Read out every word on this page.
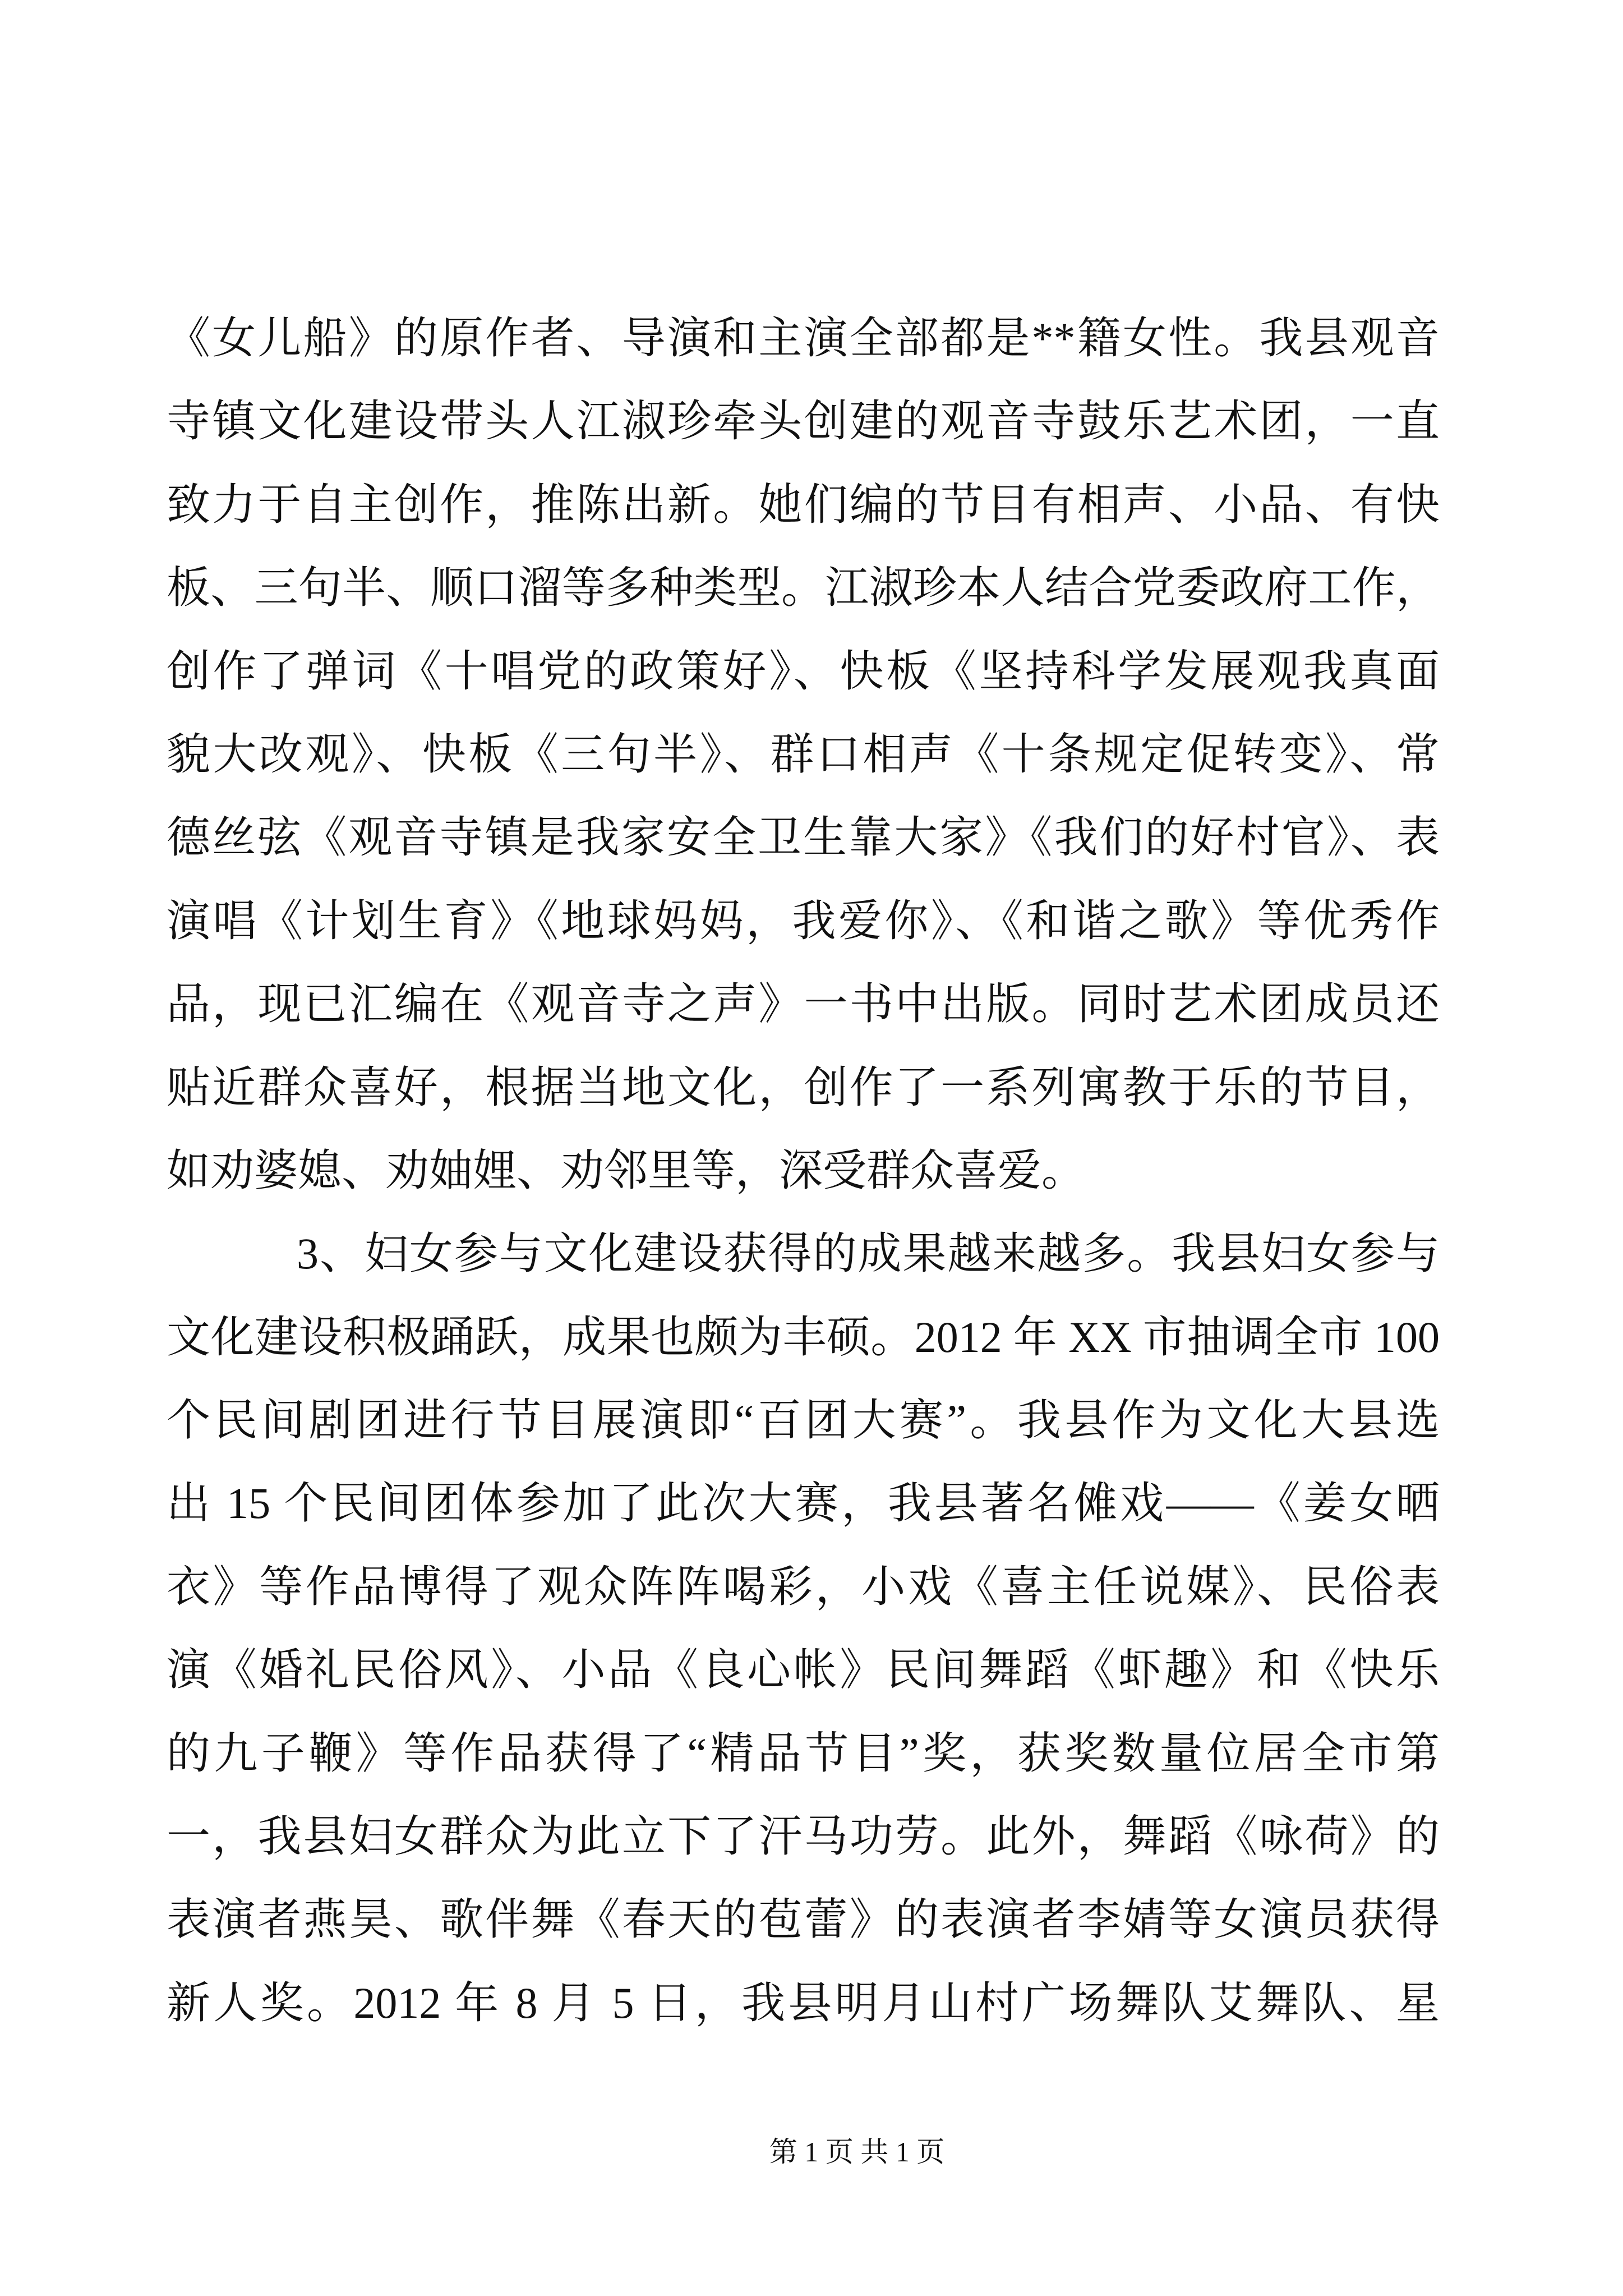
《女儿船》的原作者、导演和主演全部都是**籍女性。我县观音
寺镇文化建设带头人江淑珍牵头创建的观音寺鼓乐艺术团，一直
致力于自主创作，推陈出新。她们编的节目有相声、小品、有快
板、三句半、顺口溜等多种类型。江淑珍本人结合党委政府工作，
创作了弹词《十唱党的政策好》、快板《坚持科学发展观我真面
貌大改观》、快板《三句半》、群口相声《十条规定促转变》、常
德丝弦《观音寺镇是我家安全卫生靠大家》《我们的好村官》、表
演唱《计划生育》《地球妈妈，我爱你》、《和谐之歌》等优秀作
品，现已汇编在《观音寺之声》一书中出版。同时艺术团成员还
贴近群众喜好，根据当地文化，创作了一系列寓教于乐的节目，
如劝婆媳、劝妯娌、劝邻里等，深受群众喜爱。
3、妇女参与文化建设获得的成果越来越多。我县妇女参与
文化建设积极踊跃，成果也颇为丰硕。2012 年 XX 市抽调全市 100
个民间剧团进行节目展演即“百团大赛”。我县作为文化大县选
出 15 个民间团体参加了此次大赛，我县著名傩戏——《姜女晒
衣》等作品博得了观众阵阵喝彩，小戏《喜主任说媒》、民俗表
演《婚礼民俗风》、小品《良心帐》民间舞蹈《虾趣》和《快乐
的九子鞭》等作品获得了“精品节目”奖，获奖数量位居全市第
一，我县妇女群众为此立下了汗马功劳。此外，舞蹈《咏荷》的
表演者燕昊、歌伴舞《春天的苞蕾》的表演者李婧等女演员获得
新人奖。2012 年 8 月 5 日，我县明月山村广场舞队艾舞队、星
第 1 页 共 1 页
